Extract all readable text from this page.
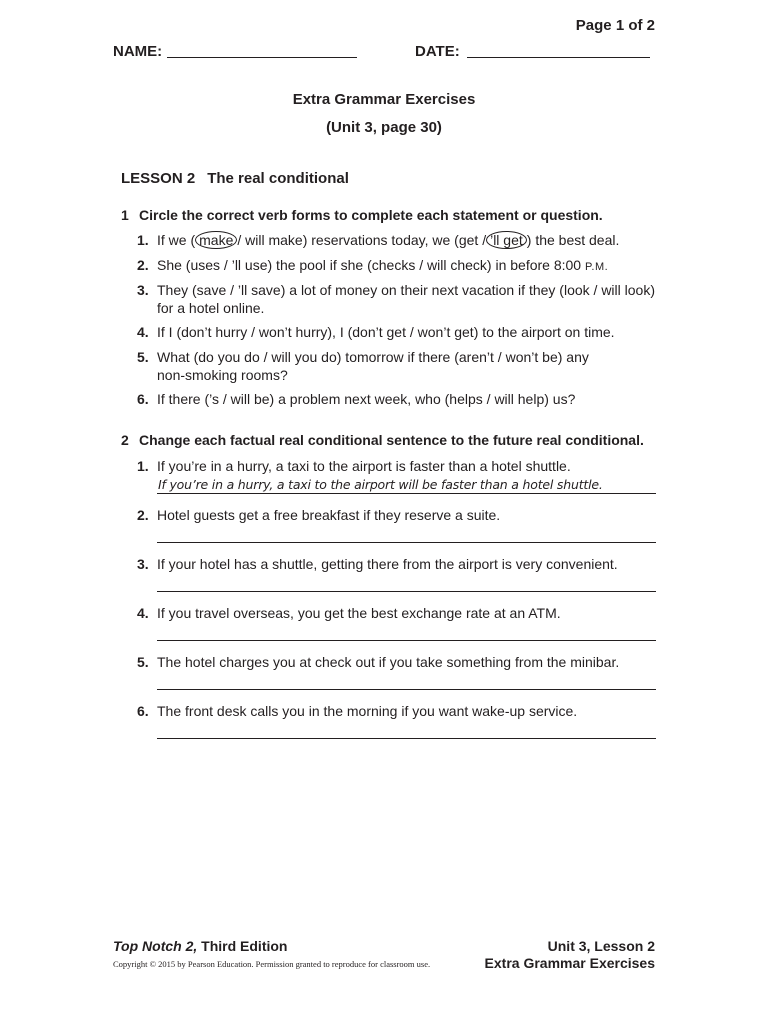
Page 1 of 2
NAME:	DATE:
Extra Grammar Exercises
(Unit 3, page 30)
LESSON 2 The real conditional
1 Circle the correct verb forms to complete each statement or question.
1. If we ( make / will make) reservations today, we (get / ’ll get ) the best deal.
2. She (uses / ’ll use) the pool if she (checks / will check) in before 8:00 P.M.
3. They (save / ’ll save) a lot of money on their next vacation if they (look / will look) for a hotel online.
4. If I (don’t hurry / won’t hurry), I (don’t get / won’t get) to the airport on time.
5. What (do you do / will you do) tomorrow if there (aren’t / won’t be) any non-smoking rooms?
6. If there (’s / will be) a problem next week, who (helps / will help) us?
2 Change each factual real conditional sentence to the future real conditional.
1. If you’re in a hurry, a taxi to the airport is faster than a hotel shuttle.
If you’re in a hurry, a taxi to the airport will be faster than a hotel shuttle.
2. Hotel guests get a free breakfast if they reserve a suite.
3. If your hotel has a shuttle, getting there from the airport is very convenient.
4. If you travel overseas, you get the best exchange rate at an ATM.
5. The hotel charges you at check out if you take something from the minibar.
6. The front desk calls you in the morning if you want wake-up service.
Top Notch 2, Third Edition
Copyright © 2015 by Pearson Education. Permission granted to reproduce for classroom use.
Unit 3, Lesson 2
Extra Grammar Exercises
